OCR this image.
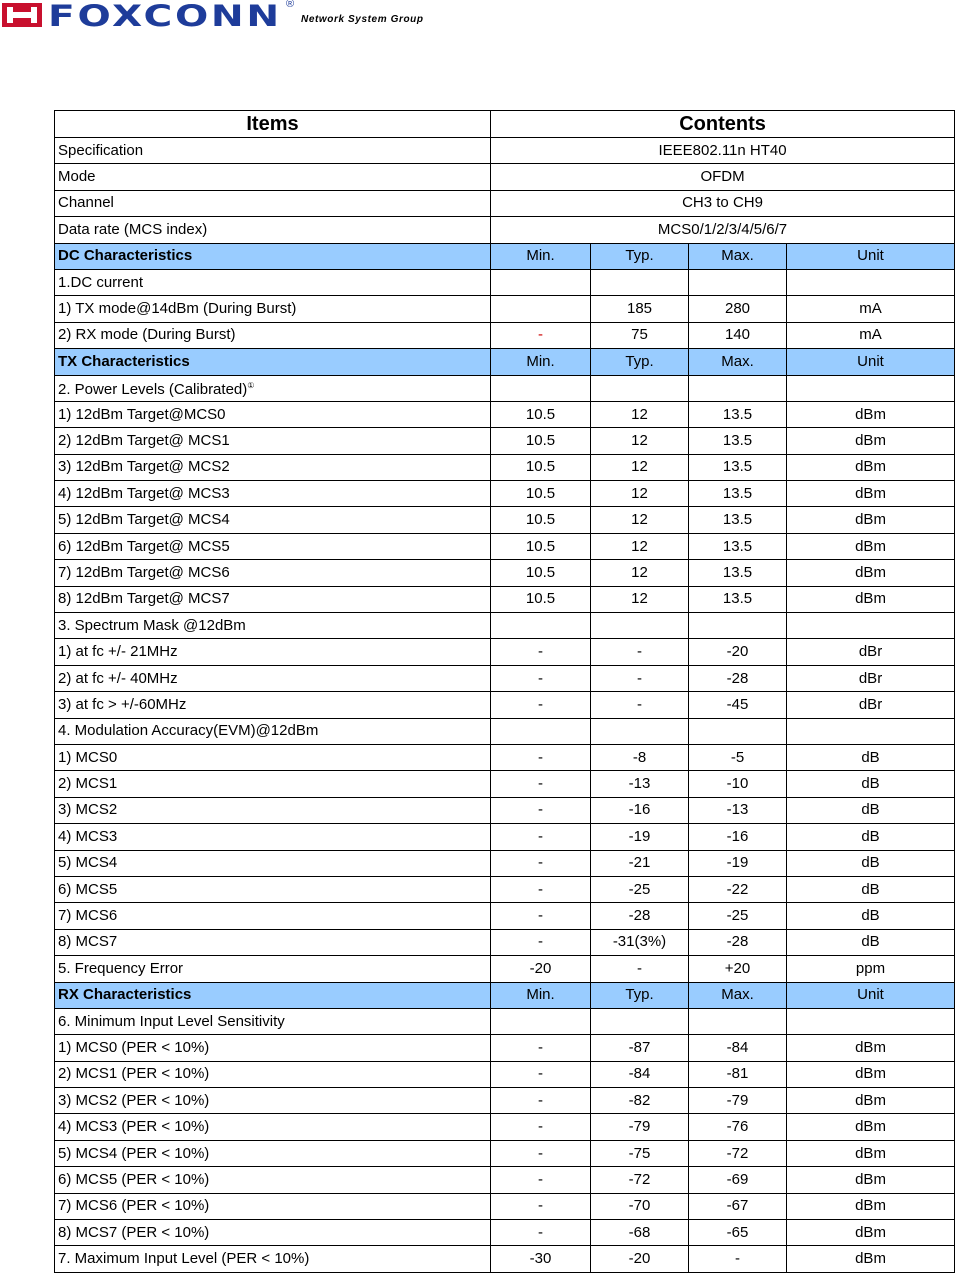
FOXCONN ®
Network System Group
Items	Contents			
Specification	IEEE802.11n HT40			
Mode	OFDM			
Channel	CH3 to CH9			
Data rate (MCS index)	MCS0/1/2/3/4/5/6/7			
DC Characteristics	Min.	Typ.	Max.	Unit
1.DC current				
1) TX mode@14dBm (During Burst)		185	280	mA
2) RX mode (During Burst)	-	75	140	mA
TX Characteristics	Min.	Typ.	Max.	Unit
2. Power Levels (Calibrated)①				
1) 12dBm Target@MCS0	10.5	12	13.5	dBm
2) 12dBm Target@ MCS1	10.5	12	13.5	dBm
3) 12dBm Target@ MCS2	10.5	12	13.5	dBm
4) 12dBm Target@ MCS3	10.5	12	13.5	dBm
5) 12dBm Target@ MCS4	10.5	12	13.5	dBm
6) 12dBm Target@ MCS5	10.5	12	13.5	dBm
7) 12dBm Target@ MCS6	10.5	12	13.5	dBm
8) 12dBm Target@ MCS7	10.5	12	13.5	dBm
3. Spectrum Mask @12dBm				
1) at fc +/- 21MHz	-	-	-20	dBr
2) at fc +/- 40MHz	-	-	-28	dBr
3) at fc > +/-60MHz	-	-	-45	dBr
4. Modulation Accuracy(EVM)@12dBm				
1) MCS0	-	-8	-5	dB
2) MCS1	-	-13	-10	dB
3) MCS2	-	-16	-13	dB
4) MCS3	-	-19	-16	dB
5) MCS4	-	-21	-19	dB
6) MCS5	-	-25	-22	dB
7) MCS6	-	-28	-25	dB
8) MCS7	-	-31(3%)	-28	dB
5. Frequency Error	-20	-	+20	ppm
RX Characteristics	Min.	Typ.	Max.	Unit
6. Minimum Input Level Sensitivity				
1) MCS0 (PER < 10%)	-	-87	-84	dBm
2) MCS1 (PER < 10%)	-	-84	-81	dBm
3) MCS2 (PER < 10%)	-	-82	-79	dBm
4) MCS3 (PER < 10%)	-	-79	-76	dBm
5) MCS4 (PER < 10%)	-	-75	-72	dBm
6) MCS5 (PER < 10%)	-	-72	-69	dBm
7) MCS6 (PER < 10%)	-	-70	-67	dBm
8) MCS7 (PER < 10%)	-	-68	-65	dBm
7. Maximum Input Level (PER < 10%)	-30	-20	-	dBm
